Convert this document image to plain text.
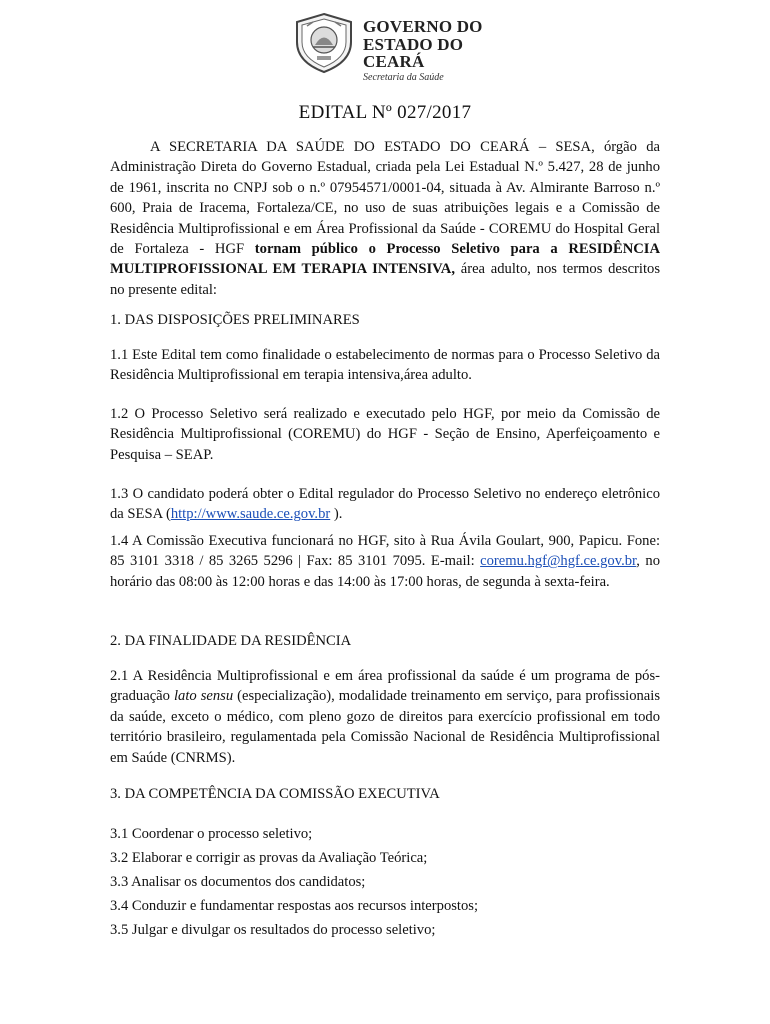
GOVERNO DO
ESTADO DO CEARÁ
Secretaria da Saúde
EDITAL Nº 027/2017

A SECRETARIA DA SAÚDE DO ESTADO DO CEARÁ – SESA, órgão da Administração Direta do Governo Estadual, criada pela Lei Estadual N.º 5.427, 28 de junho de 1961, inscrita no CNPJ sob o n.º 07954571/0001-04, situada à Av. Almirante Barroso n.º 600, Praia de Iracema, Fortaleza/CE, no uso de suas atribuições legais e a Comissão de Residência Multiprofissional e em Área Profissional da Saúde - COREMU do Hospital Geral de Fortaleza - HGF tornam público o Processo Seletivo para a RESIDÊNCIA MULTIPROFISSIONAL EM TERAPIA INTENSIVA, área adulto, nos termos descritos no presente edital:

1. DAS DISPOSIÇÕES PRELIMINARES

1.1 Este Edital tem como finalidade o estabelecimento de normas para o Processo Seletivo da Residência Multiprofissional em terapia intensiva,área adulto.

1.2 O Processo Seletivo será realizado e executado pelo HGF, por meio da Comissão de Residência Multiprofissional (COREMU) do HGF - Seção de Ensino, Aperfeiçoamento e Pesquisa – SEAP.

1.3 O candidato poderá obter o Edital regulador do Processo Seletivo no endereço eletrônico da SESA (http://www.saude.ce.gov.br ).

1.4 A Comissão Executiva funcionará no HGF, sito à Rua Ávila Goulart, 900, Papicu. Fone: 85 3101 3318 / 85 3265 5296 | Fax: 85 3101 7095. E-mail: coremu.hgf@hgf.ce.gov.br, no horário das 08:00 às 12:00 horas e das 14:00 às 17:00 horas, de segunda à sexta-feira.

2. DA FINALIDADE DA RESIDÊNCIA

2.1 A Residência Multiprofissional e em área profissional da saúde é um programa de pós-graduação lato sensu (especialização), modalidade treinamento em serviço, para profissionais da saúde, exceto o médico, com pleno gozo de direitos para exercício profissional em todo território brasileiro, regulamentada pela Comissão Nacional de Residência Multiprofissional em Saúde (CNRMS).

3. DA COMPETÊNCIA DA COMISSÃO EXECUTIVA
3.1 Coordenar o processo seletivo;
3.2 Elaborar e corrigir as provas da Avaliação Teórica;
3.3 Analisar os documentos dos candidatos;
3.4 Conduzir e fundamentar respostas aos recursos interpostos;
3.5 Julgar e divulgar os resultados do processo seletivo;
